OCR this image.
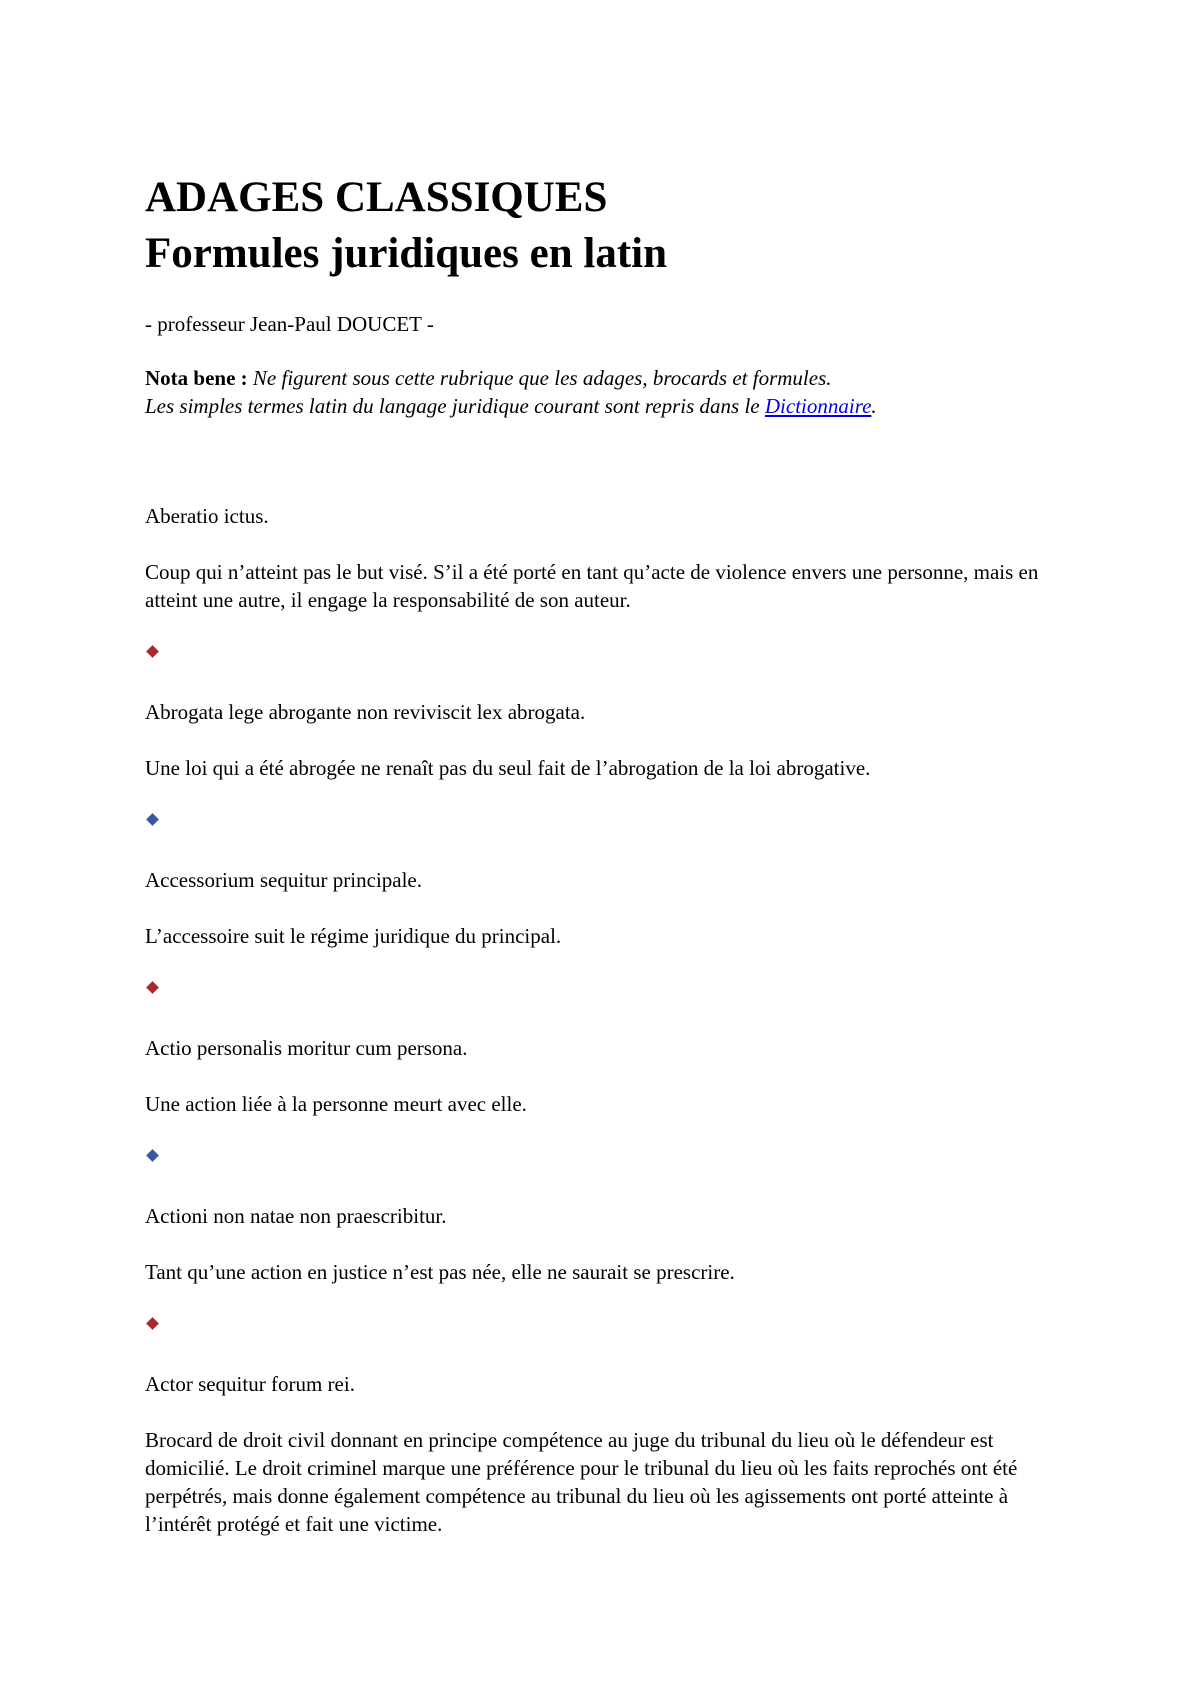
ADAGES CLASSIQUES
Formules juridiques en latin

- professeur Jean-Paul DOUCET -

Nota bene : Ne figurent sous cette rubrique que les adages, brocards et formules.
Les simples termes latin du langage juridique courant sont repris dans le Dictionnaire.

Aberatio ictus.

Coup qui n’atteint pas le but visé. S’il a été porté en tant qu’acte de violence envers une personne, mais en atteint une autre, il engage la responsabilité de son auteur.

Abrogata lege abrogante non reviviscit lex abrogata.

Une loi qui a été abrogée ne renaît pas du seul fait de l’abrogation de la loi abrogative.

Accessorium sequitur principale.

L’accessoire suit le régime juridique du principal.

Actio personalis moritur cum persona.

Une action liée à la personne meurt avec elle.

Actioni non natae non praescribitur.

Tant qu’une action en justice n’est pas née, elle ne saurait se prescrire.

Actor sequitur forum rei.

Brocard de droit civil donnant en principe compétence au juge du tribunal du lieu où le défendeur est domicilié. Le droit criminel marque une préférence pour le tribunal du lieu où les faits reprochés ont été perpétrés, mais donne également compétence au tribunal du lieu où les agissements ont porté atteinte à l’intérêt protégé et fait une victime.
